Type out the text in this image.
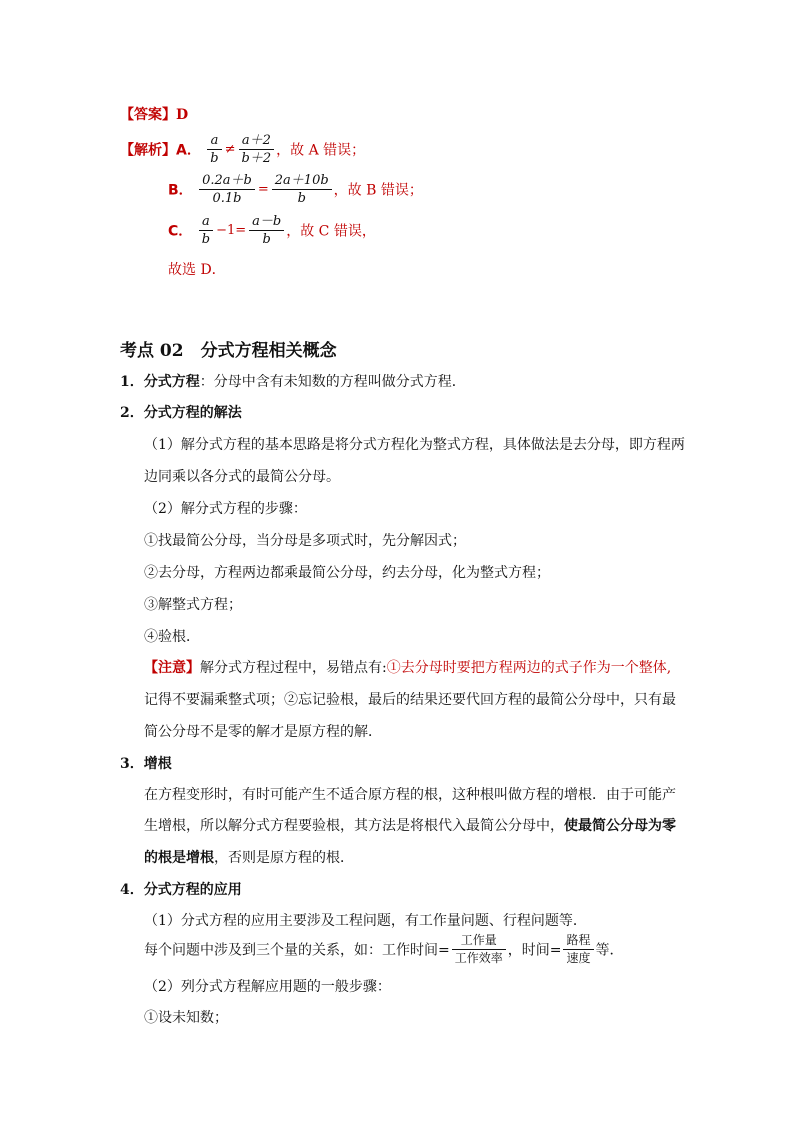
【答案】D
【解析】A． $\frac{a}{b} \ne \frac{a+2}{b+2}$ ，故 A 错误；
B． $\frac{0.2a+b}{0.1b} = \frac{2a+10b}{b}$ ，故 B 错误；
C． $\frac{a}{b} -1= \frac{a-b}{b}$ ，故 C 错误，
故选 D．
考点 02　分式方程相关概念
1．分式方程：分母中含有未知数的方程叫做分式方程．
2．分式方程的解法
（1）解分式方程的基本思路是将分式方程化为整式方程，具体做法是去分母，即方程两
边同乘以各分式的最简公分母。
（2）解分式方程的步骤：
①找最简公分母，当分母是多项式时，先分解因式；
②去分母，方程两边都乘最简公分母，约去分母，化为整式方程；
③解整式方程；
④验根．
【注意】解分式方程过程中，易错点有:①去分母时要把方程两边的式子作为一个整体,
记得不要漏乘整式项；②忘记验根，最后的结果还要代回方程的最简公分母中，只有最
简公分母不是零的解才是原方程的解．
3．增根
在方程变形时，有时可能产生不适合原方程的根，这种根叫做方程的增根．由于可能产
生增根，所以解分式方程要验根，其方法是将根代入最简公分母中，使最简公分母为零
的根是增根，否则是原方程的根．
4．分式方程的应用
（1）分式方程的应用主要涉及工程问题，有工作量问题、行程问题等．
每个问题中涉及到三个量的关系，如：工作时间= $\frac{\text{工作量}}{\text{工作效率}}$ ，时间= $\frac{\text{路程}}{\text{速度}}$ 等．
（2）列分式方程解应用题的一般步骤：
①设未知数；
